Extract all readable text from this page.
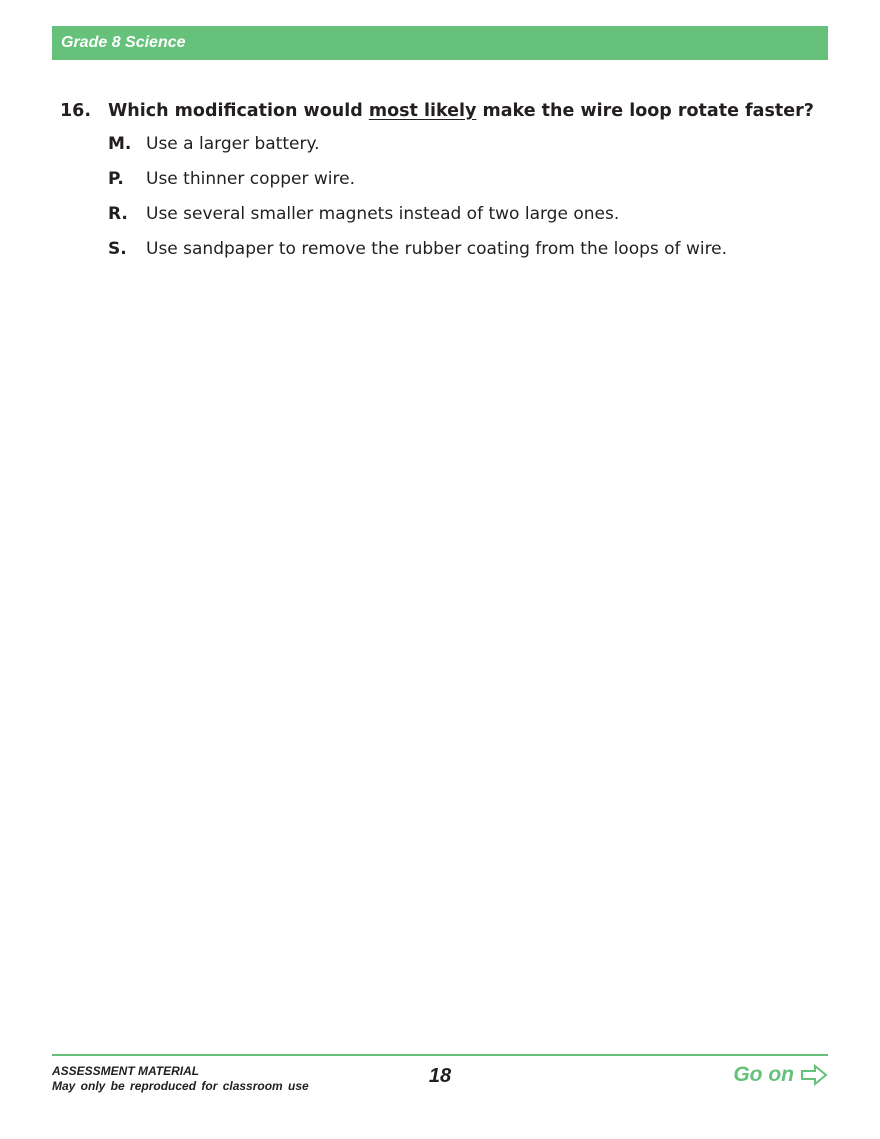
Grade 8 Science
16. Which modification would most likely make the wire loop rotate faster?
M. Use a larger battery.
P. Use thinner copper wire.
R. Use several smaller magnets instead of two large ones.
S. Use sandpaper to remove the rubber coating from the loops of wire.
ASSESSMENT MATERIAL
May only be reproduced for classroom use	18	Go on
